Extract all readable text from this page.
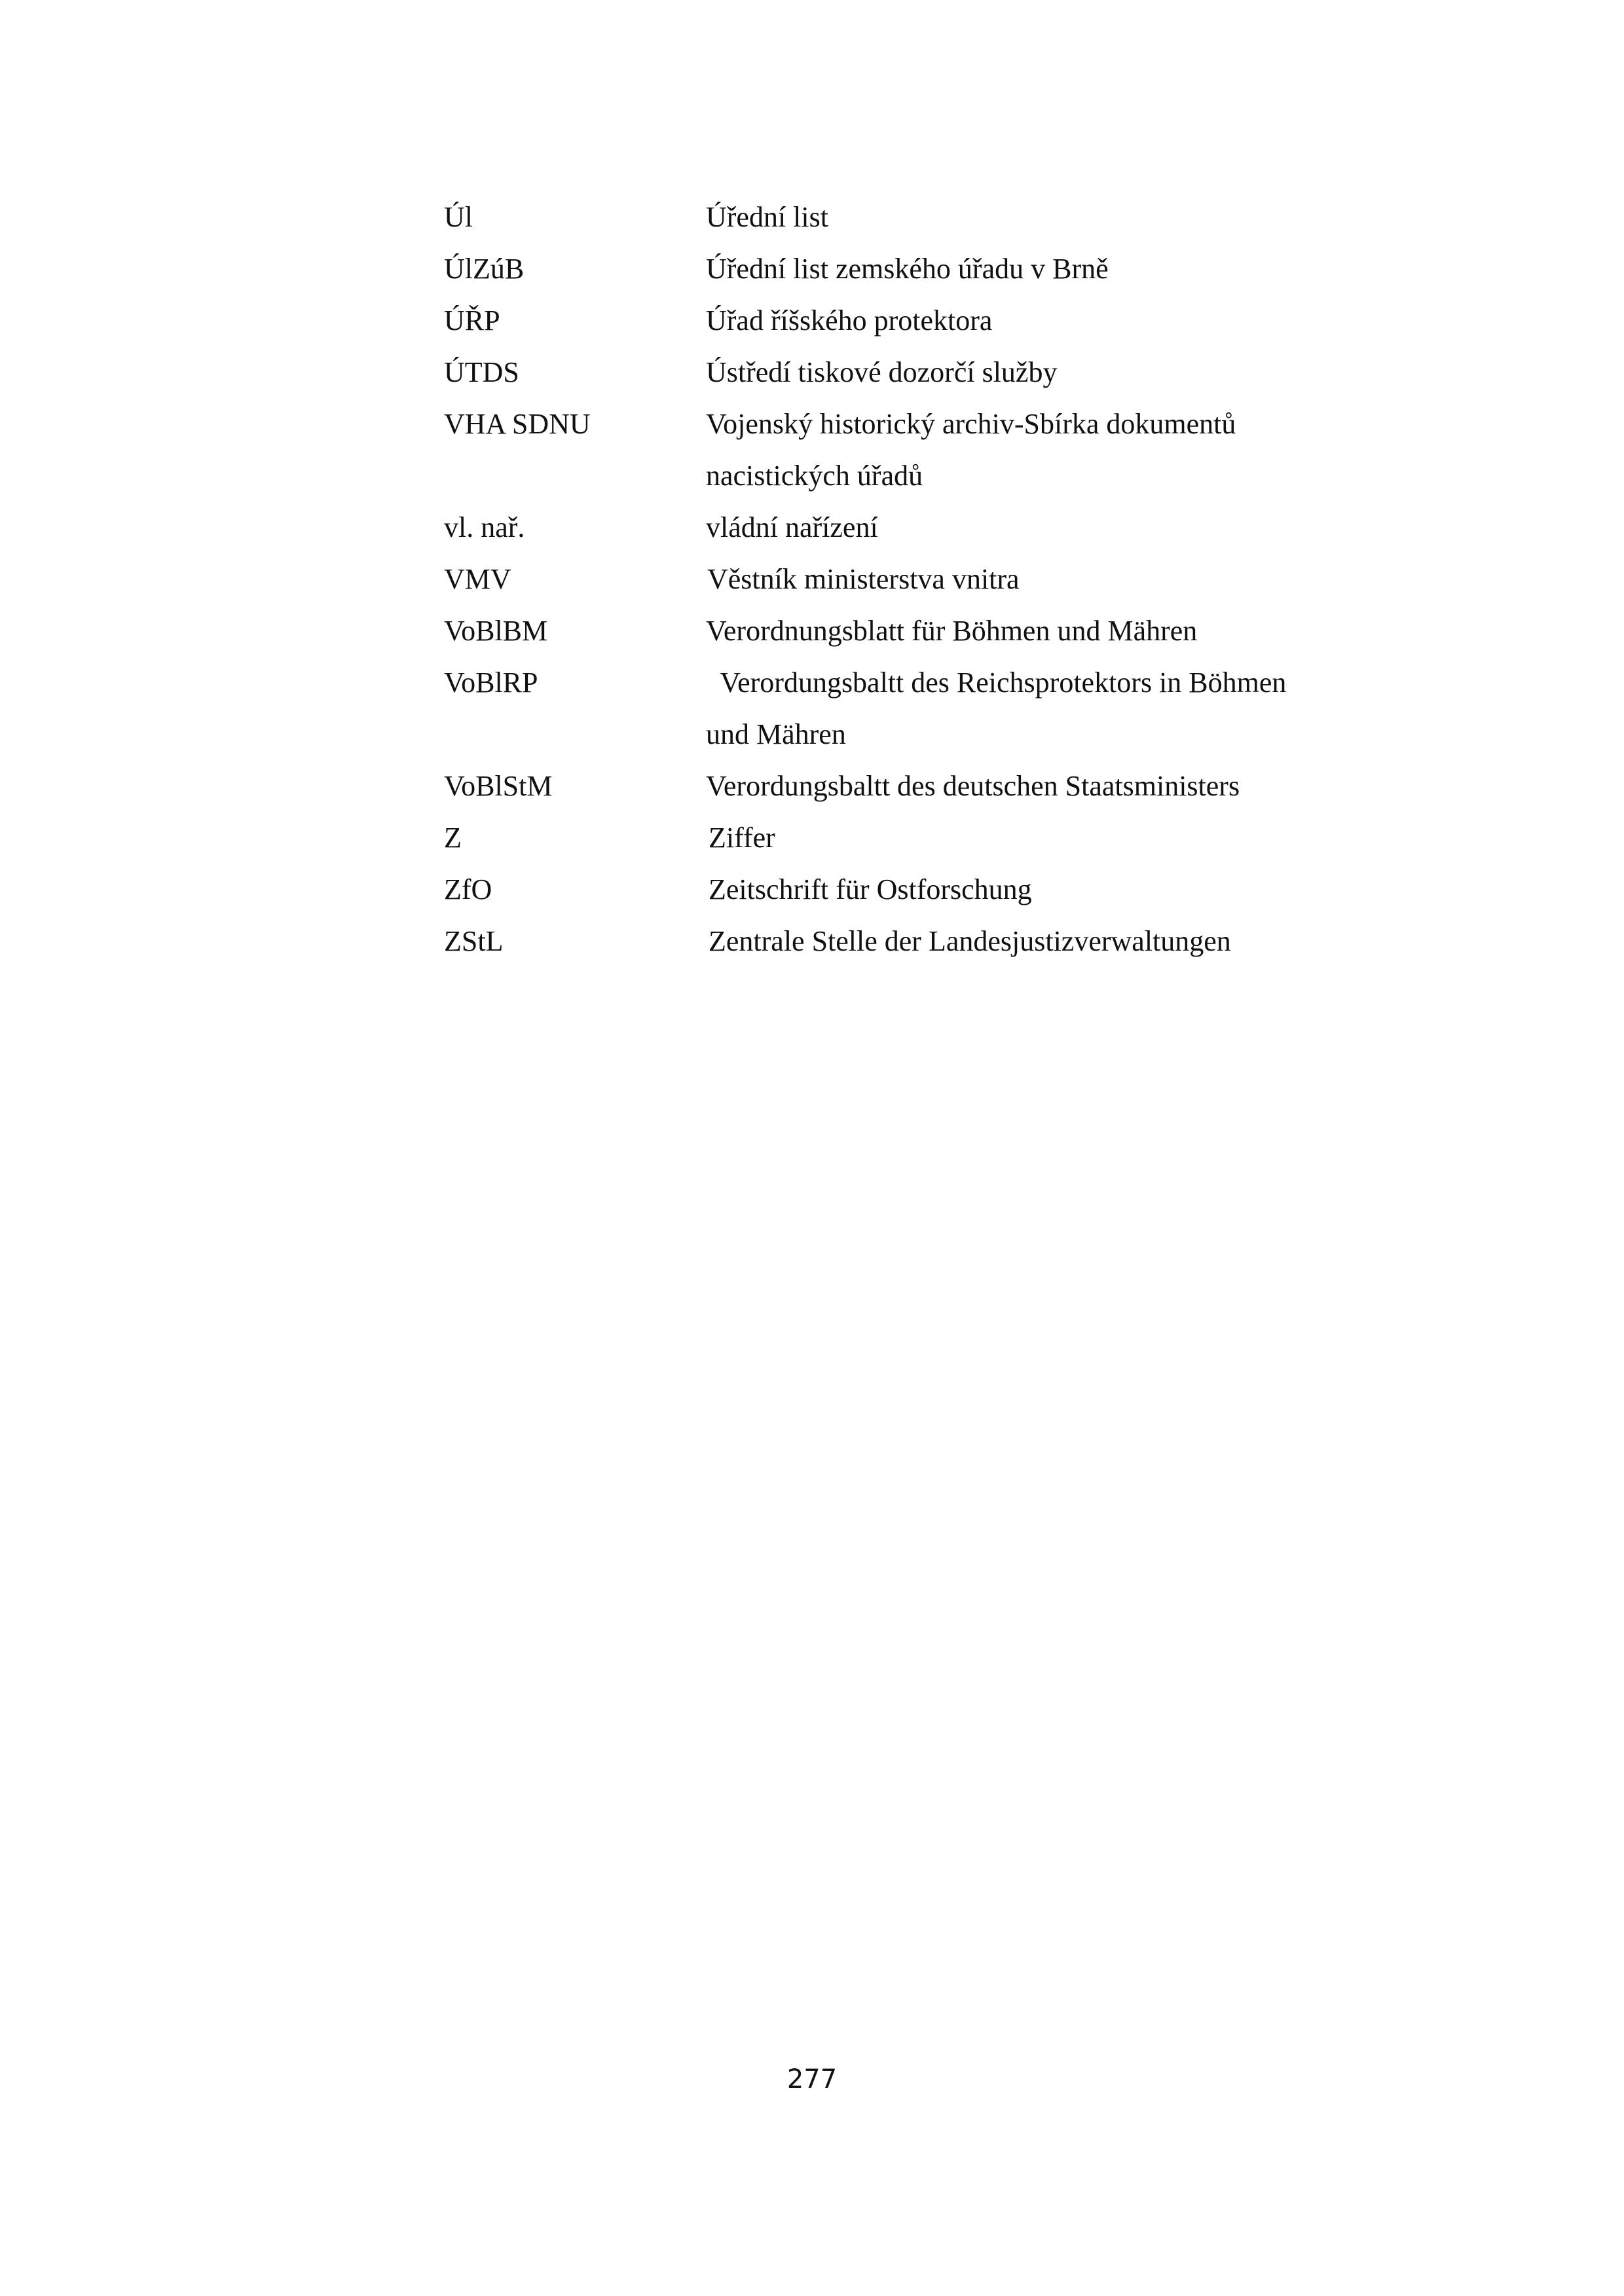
Úl	Úřední list
ÚlZúB	Úřední list zemského úřadu v Brně
ÚŘP	Úřad říšského protektora
ÚTDS	Ústředí tiskové dozorčí služby
VHA SDNU	Vojenský historický archiv-Sbírka dokumentů
nacistických úřadů
vl. nař.	vládní nařízení
VMV	Věstník ministerstva vnitra
VoBlBM	Verordnungsblatt für Böhmen und Mähren
VoBlRP	Verordungsbaltt des Reichsprotektors in Böhmen
und Mähren
VoBlStM	Verordungsbaltt des deutschen Staatsministers
Z	Ziffer
ZfO	Zeitschrift für Ostforschung
ZStL	Zentrale Stelle der Landesjustizverwaltungen
277
